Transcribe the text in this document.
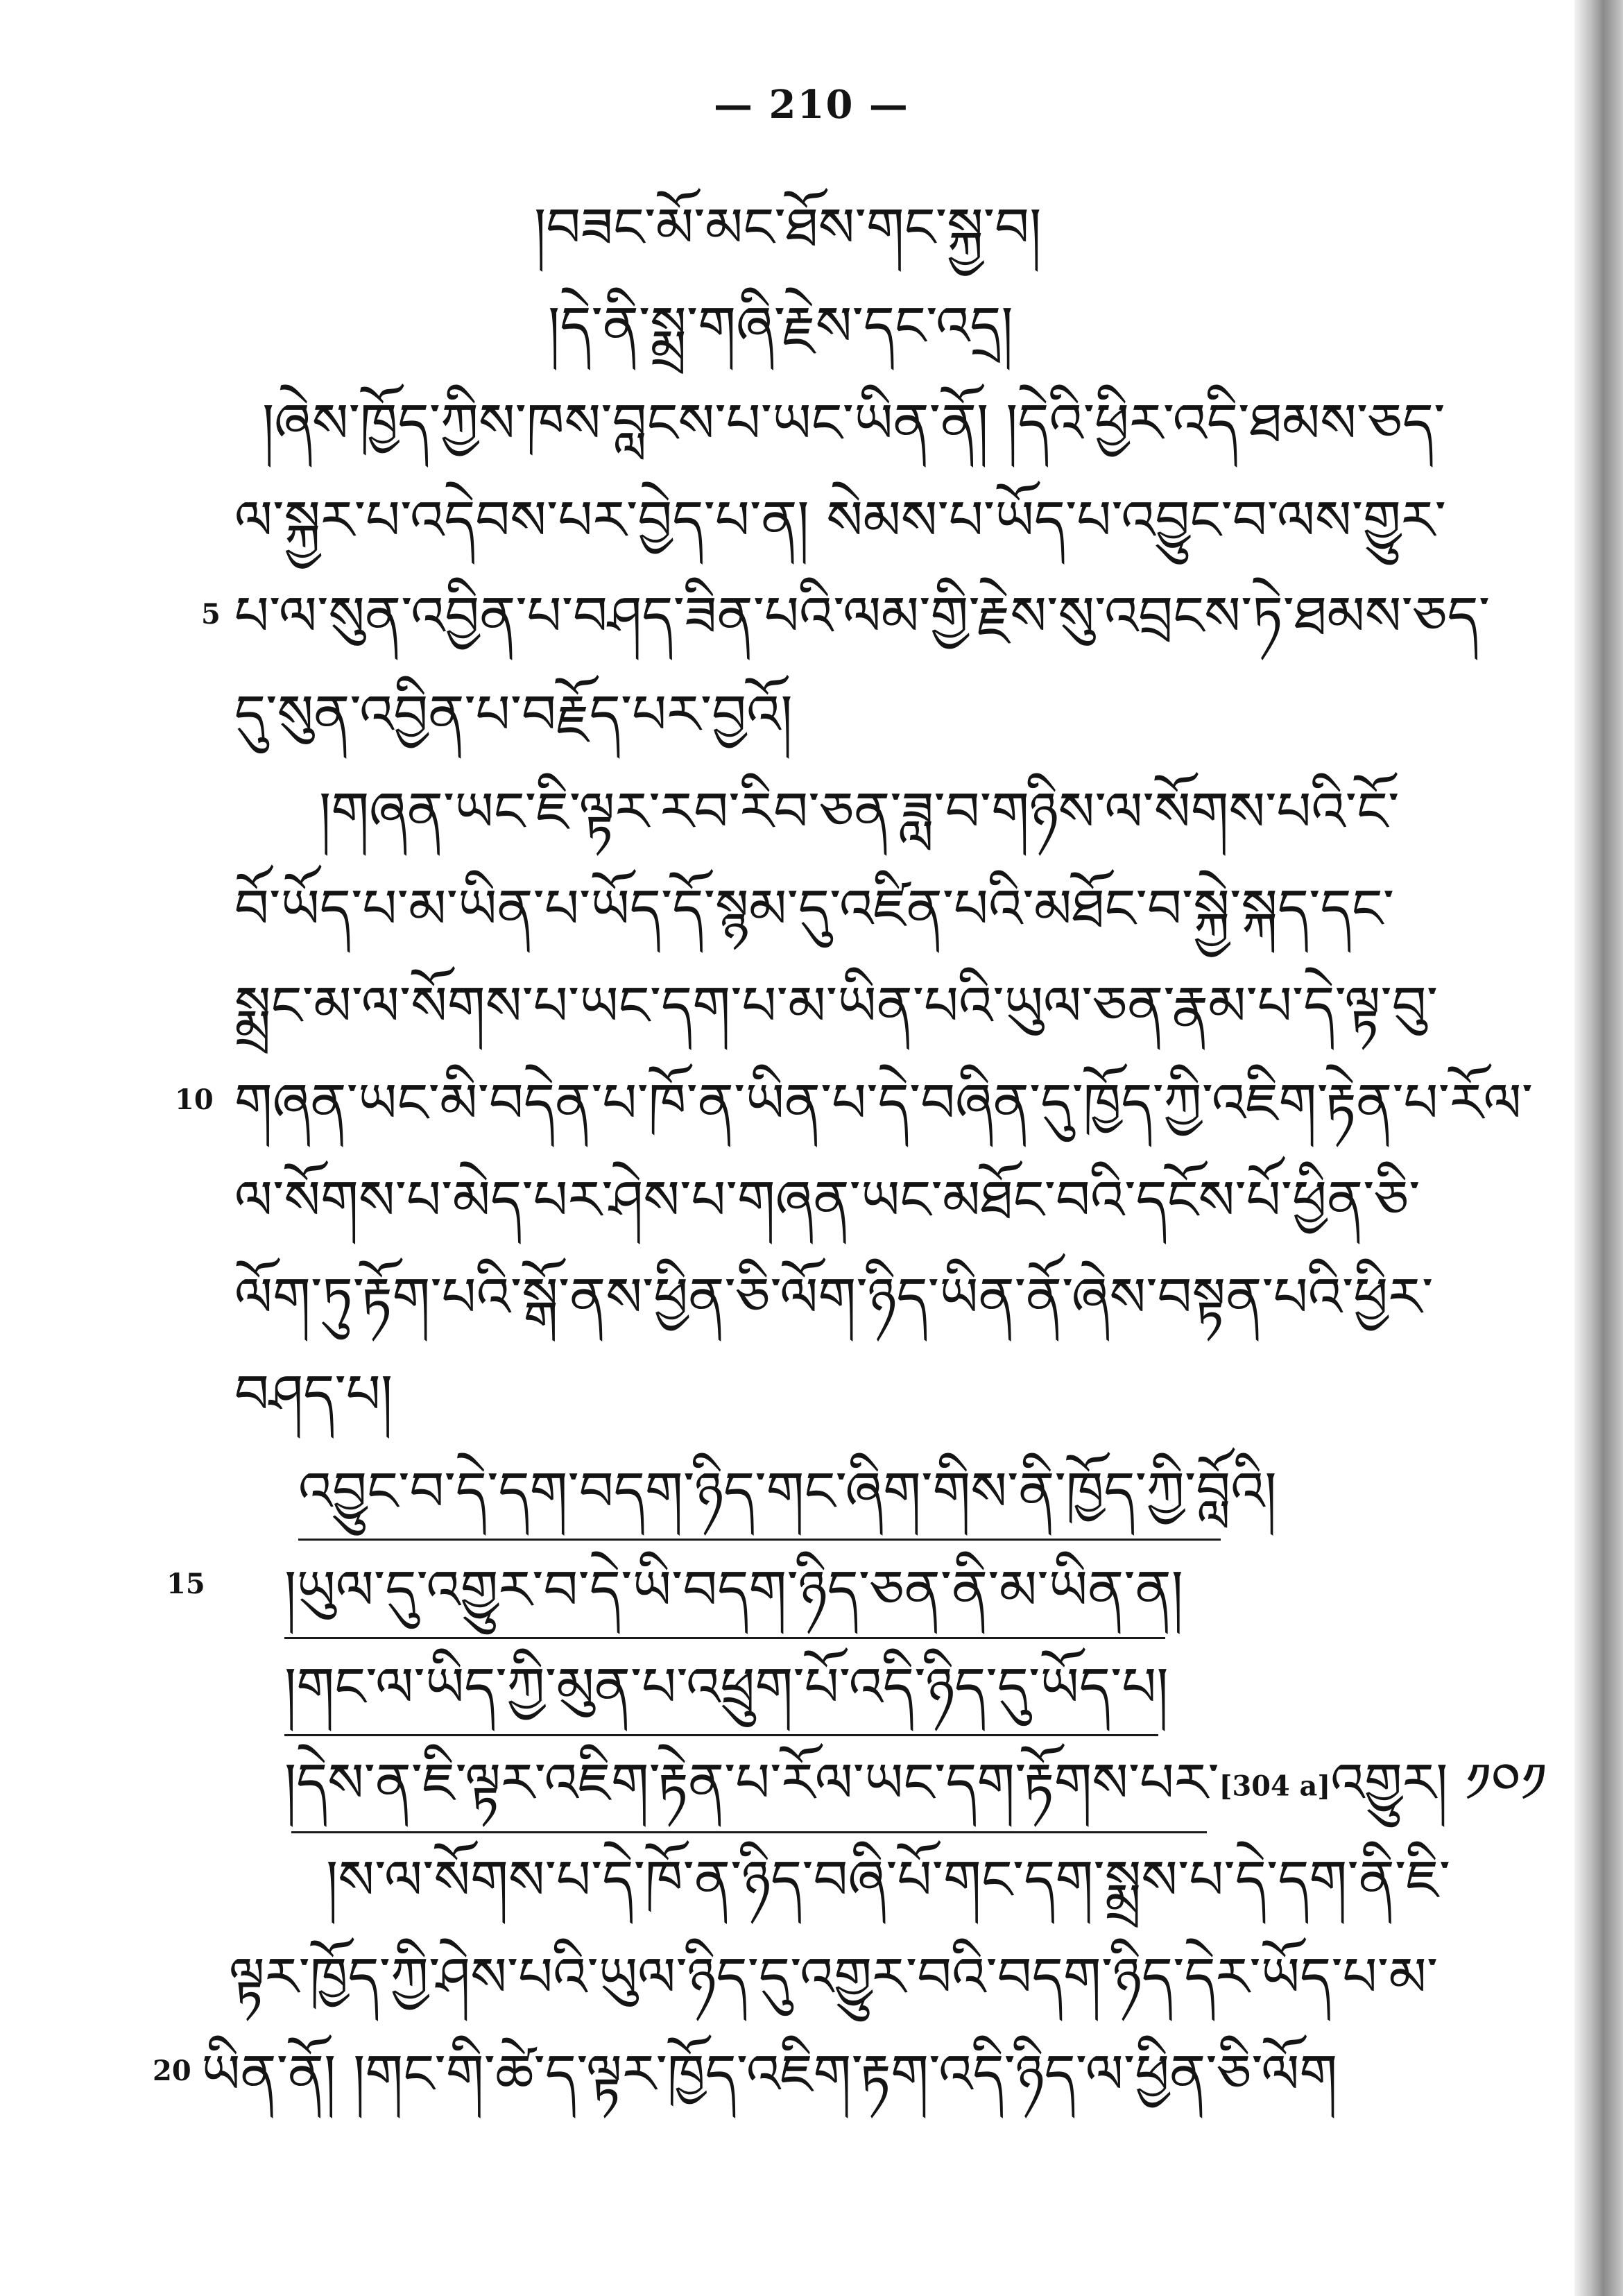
— 210 —
།བཟང་མོ་མང་ཐོས་གང་སྐྱ་བ།
།དེ་ནི་སྨྲ་གཞི་རྗེས་དང་འདྲ།
།ཞེས་ཁྱོད་ཀྱིས་ཁས་བླངས་པ་ཡང་ཡིན་ནོ། །དེའི་ཕྱིར་འདི་ཐམས་ཅད་
ལ་སྐྱར་པ་འདེབས་པར་བྱེད་པ་ན། སེམས་པ་ཡོད་པ་འབྱུང་བ་ལས་གྱུར་
5 པ་ལ་སུན་འབྱིན་པ་བཤད་ཟིན་པའི་ལམ་གྱི་རྗེས་སུ་འབྲངས་ཏེ་ཐམས་ཅད་
དུ་སུན་འབྱིན་པ་བརྗོད་པར་བྱའོ།
།གཞན་ཡང་ཇི་ལྟར་རབ་རིབ་ཅན་ཟླ་བ་གཉིས་ལ་སོགས་པའི་ངོ་
བོ་ཡོད་པ་མ་ཡིན་པ་ཡོད་དོ་སྙམ་དུ་འཛིན་པའི་མཐོང་བ་སྐྱེ་སྐད་དང་
སྨྲང་མ་ལ་སོགས་པ་ཡང་དག་པ་མ་ཡིན་པའི་ཡུལ་ཅན་རྣམ་པ་དེ་ལྟ་བུ་
10 གཞན་ཡང་མི་བདེན་པ་ཁོ་ན་ཡིན་པ་དེ་བཞིན་དུ་ཁྱོད་ཀྱི་འཇིག་རྟེན་པ་རོལ་
ལ་སོགས་པ་མེད་པར་ཤེས་པ་གཞན་ཡང་མཐོང་བའི་དངོས་པོ་ཕྱིན་ཅི་
ལོག་ཏུ་རྟོག་པའི་སྒོ་ནས་ཕྱིན་ཅི་ལོག་ཉིད་ཡིན་ནོ་ཞེས་བསྟན་པའི་ཕྱིར་
བཤད་པ།
འབྱུང་བ་དེ་དག་བདག་ཉིད་གང་ཞིག་གིས་ནི་ཁྱོད་ཀྱི་བློའི།
15 །ཡུལ་དུ་འགྱུར་བ་དེ་ཡི་བདག་ཉིད་ཅན་ནི་མ་ཡིན་ན།
།གང་ལ་ཡིད་ཀྱི་མུན་པ་འཕྲུག་པོ་འདི་ཉིད་དུ་ཡོད་པ།
།དེས་ན་ཇི་ལྟར་འཇིག་རྟེན་པ་རོལ་ཡང་དག་རྟོགས་པར་[304 a]འགྱུར། ༡༠༡
།ས་ལ་སོགས་པ་དེ་ཁོ་ན་ཉིད་བཞི་པོ་གང་དག་སྨྲས་པ་དེ་དག་ནི་ཇི་
ལྟར་ཁྱོད་ཀྱི་ཤེས་པའི་ཡུལ་ཉིད་དུ་འགྱུར་བའི་བདག་ཉིད་དེར་ཡོད་པ་མ་
20 ཡིན་ནོ། །གང་གི་ཚེ་ད་ལྟར་ཁྱོད་འཇིག་རྟག་འདི་ཉིད་ལ་ཕྱིན་ཅི་ལོག
